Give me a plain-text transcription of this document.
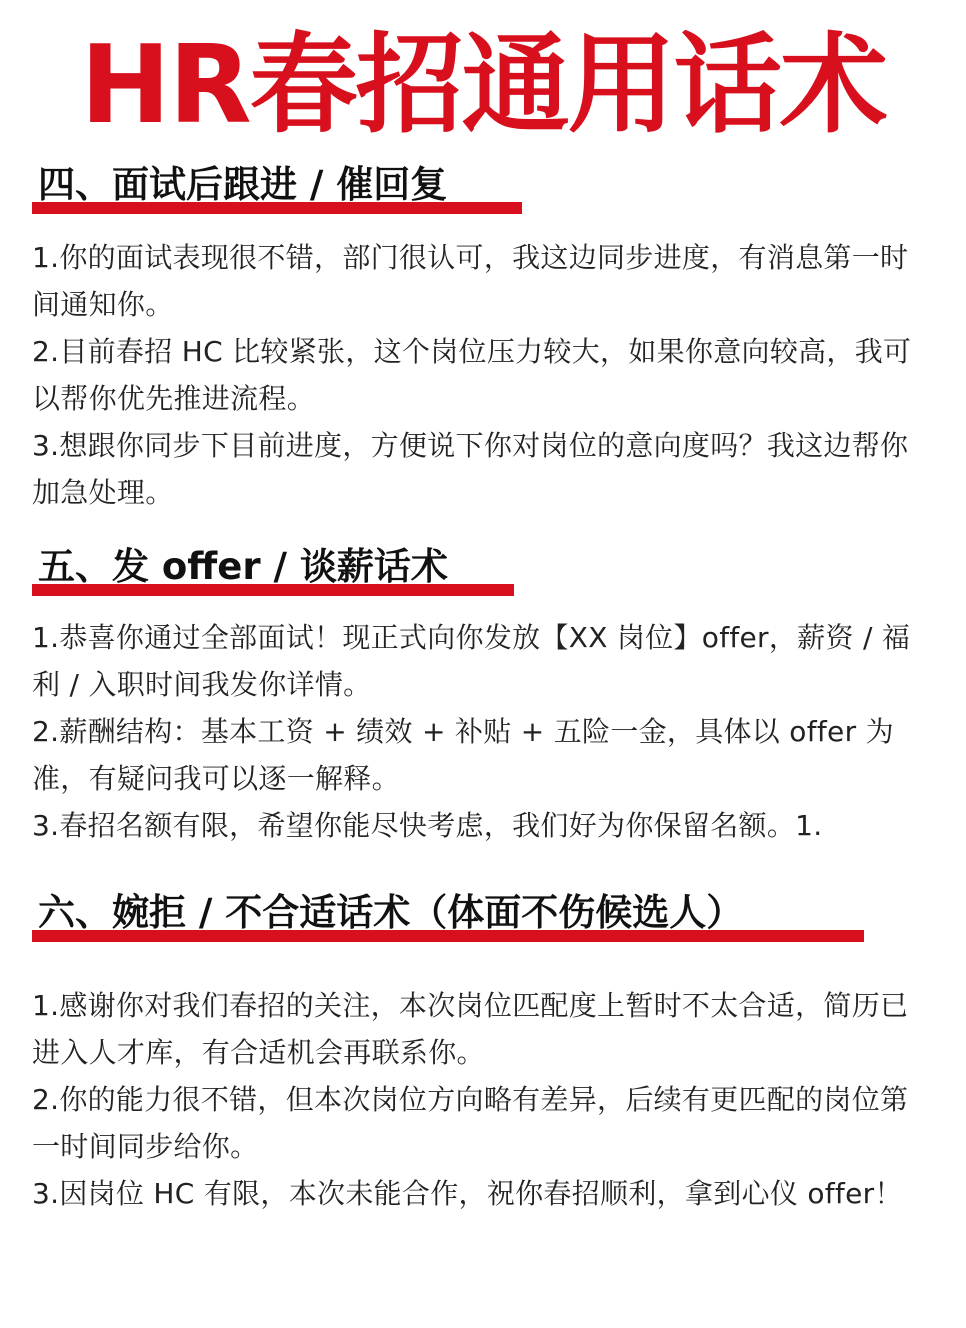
HR春招通用话术
四、面试后跟进 / 催回复
1.你的面试表现很不错，部门很认可，我这边同步进度，有消息第一时间通知你。
2.目前春招 HC 比较紧张，这个岗位压力较大，如果你意向较高，我可以帮你优先推进流程。
3.想跟你同步下目前进度，方便说下你对岗位的意向度吗？我这边帮你加急处理。
五、发 offer / 谈薪话术
1.恭喜你通过全部面试！现正式向你发放【XX 岗位】offer，薪资 / 福利 / 入职时间我发你详情。
2.薪酬结构：基本工资 + 绩效 + 补贴 + 五险一金，具体以 offer 为准，有疑问我可以逐一解释。
3.春招名额有限，希望你能尽快考虑，我们好为你保留名额。1.
六、婉拒 / 不合适话术（体面不伤候选人）
1.感谢你对我们春招的关注，本次岗位匹配度上暂时不太合适，简历已进入人才库，有合适机会再联系你。
2.你的能力很不错，但本次岗位方向略有差异，后续有更匹配的岗位第一时间同步给你。
3.因岗位 HC 有限，本次未能合作，祝你春招顺利，拿到心仪 offer！
